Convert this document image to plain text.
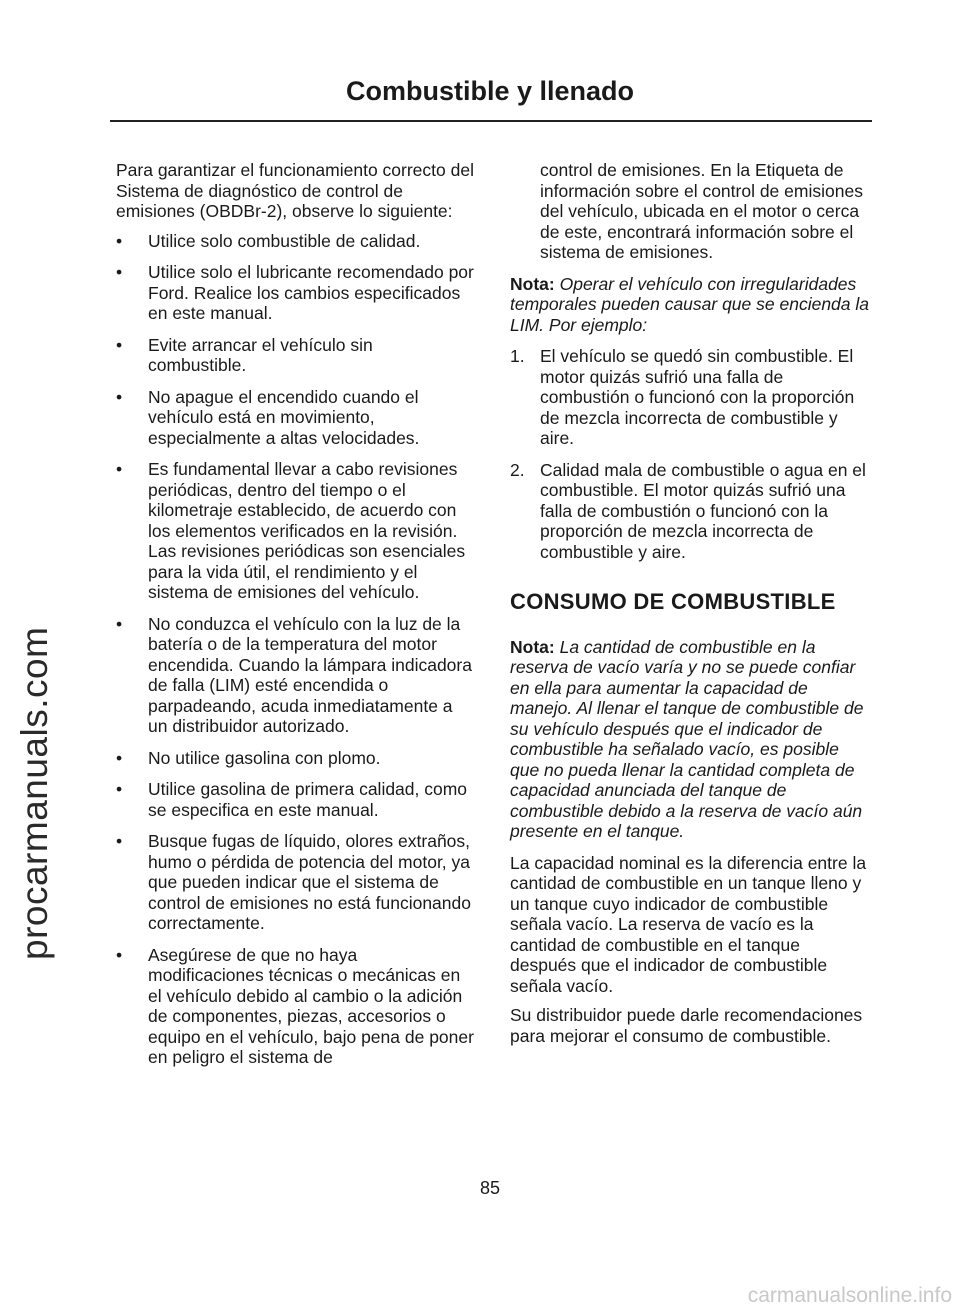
procarmanuals.com
Combustible y llenado

Para garantizar el funcionamiento correcto del Sistema de diagnóstico de control de emisiones (OBDBr-2), observe lo siguiente:

•	Utilice solo combustible de calidad.
•	Utilice solo el lubricante recomendado por Ford. Realice los cambios especificados en este manual.
•	Evite arrancar el vehículo sin combustible.
•	No apague el encendido cuando el vehículo está en movimiento, especialmente a altas velocidades.
•	Es fundamental llevar a cabo revisiones periódicas, dentro del tiempo o el kilometraje establecido, de acuerdo con los elementos verificados en la revisión. Las revisiones periódicas son esenciales para la vida útil, el rendimiento y el sistema de emisiones del vehículo.
•	No conduzca el vehículo con la luz de la batería o de la temperatura del motor encendida. Cuando la lámpara indicadora de falla (LIM) esté encendida o parpadeando, acuda inmediatamente a un distribuidor autorizado.
•	No utilice gasolina con plomo.
•	Utilice gasolina de primera calidad, como se especifica en este manual.
•	Busque fugas de líquido, olores extraños, humo o pérdida de potencia del motor, ya que pueden indicar que el sistema de control de emisiones no está funcionando correctamente.
•	Asegúrese de que no haya modificaciones técnicas o mecánicas en el vehículo debido al cambio o la adición de componentes, piezas, accesorios o equipo en el vehículo, bajo pena de poner en peligro el sistema de

control de emisiones. En la Etiqueta de información sobre el control de emisiones del vehículo, ubicada en el motor o cerca de este, encontrará información sobre el sistema de emisiones.

Nota: Operar el vehículo con irregularidades temporales pueden causar que se encienda la LIM. Por ejemplo:

1. El vehículo se quedó sin combustible. El motor quizás sufrió una falla de combustión o funcionó con la proporción de mezcla incorrecta de combustible y aire.
2. Calidad mala de combustible o agua en el combustible. El motor quizás sufrió una falla de combustión o funcionó con la proporción de mezcla incorrecta de combustible y aire.
CONSUMO DE COMBUSTIBLE

Nota: La cantidad de combustible en la reserva de vacío varía y no se puede confiar en ella para aumentar la capacidad de manejo. Al llenar el tanque de combustible de su vehículo después que el indicador de combustible ha señalado vacío, es posible que no pueda llenar la cantidad completa de capacidad anunciada del tanque de combustible debido a la reserva de vacío aún presente en el tanque.

La capacidad nominal es la diferencia entre la cantidad de combustible en un tanque lleno y un tanque cuyo indicador de combustible señala vacío. La reserva de vacío es la cantidad de combustible en el tanque después que el indicador de combustible señala vacío.

Su distribuidor puede darle recomendaciones para mejorar el consumo de combustible.

85
carmanualsonline.info
